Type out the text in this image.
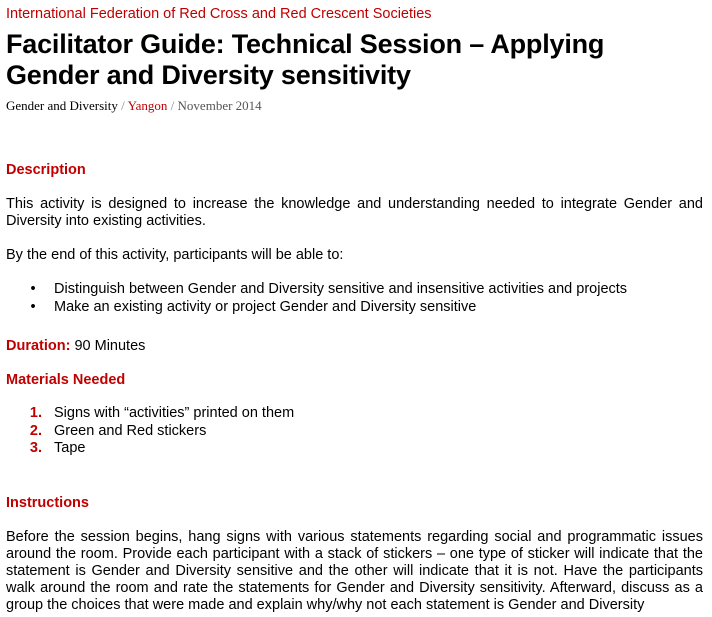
International Federation of Red Cross and Red Crescent Societies
Facilitator Guide: Technical Session – Applying
Gender and Diversity sensitivity
Gender and Diversity / Yangon / November 2014
Description

This activity is designed to increase the knowledge and understanding needed to integrate Gender and Diversity into existing activities.

By the end of this activity, participants will be able to:

• Distinguish between Gender and Diversity sensitive and insensitive activities and projects
• Make an existing activity or project Gender and Diversity sensitive
Duration: 90 Minutes
Materials Needed
1. Signs with “activities” printed on them
2. Green and Red stickers
3. Tape
Instructions

Before the session begins, hang signs with various statements regarding social and programmatic issues around the room. Provide each participant with a stack of stickers – one type of sticker will indicate that the statement is Gender and Diversity sensitive and the other will indicate that it is not. Have the participants walk around the room and rate the statements for Gender and Diversity sensitivity. Afterward, discuss as a group the choices that were made and explain why/why not each statement is Gender and Diversity
